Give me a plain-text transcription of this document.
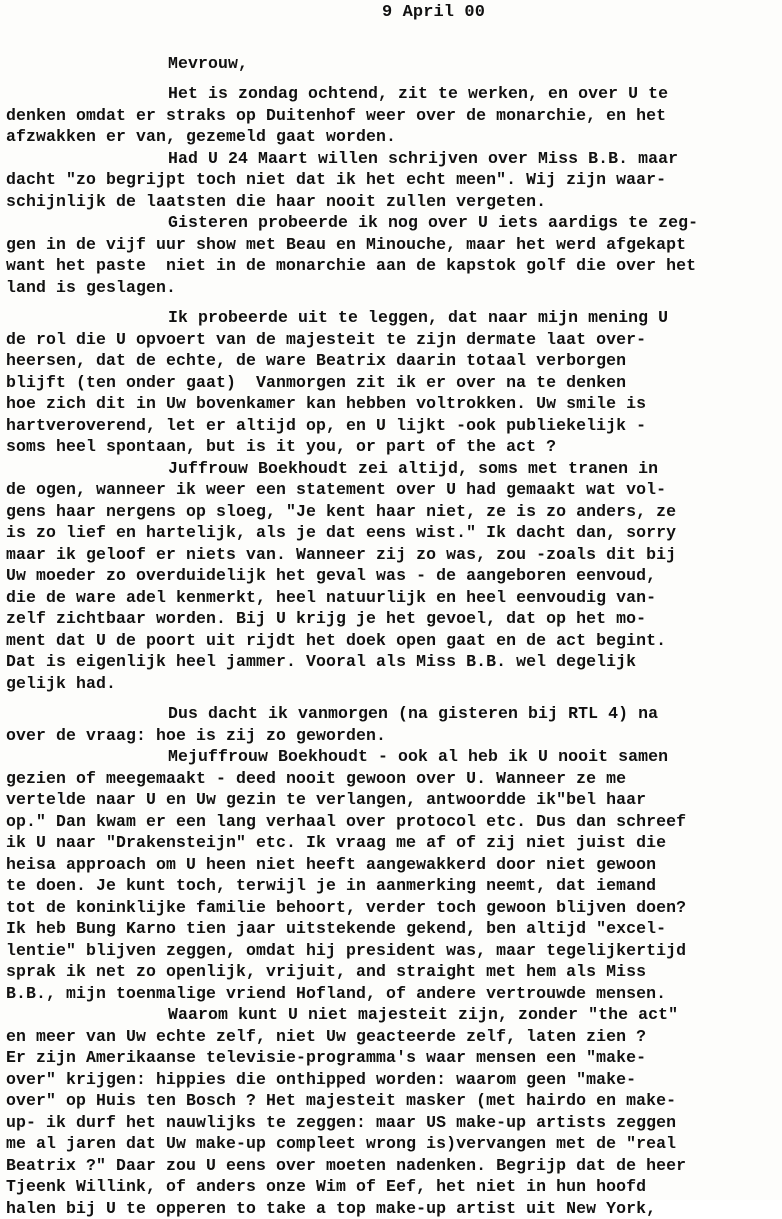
9 April 00
Mevrouw,
Het is zondag ochtend, zit te werken, en over U te
denken omdat er straks op Duitenhof weer over de monarchie, en het
afzwakken er van, gezemeld gaat worden.
Had U 24 Maart willen schrijven over Miss B.B. maar
dacht "zo begrijpt toch niet dat ik het echt meen". Wij zijn waar-
schijnlijk de laatsten die haar nooit zullen vergeten.
Gisteren probeerde ik nog over U iets aardigs te zeg-
gen in de vijf uur show met Beau en Minouche, maar het werd afgekapt
want het paste  niet in de monarchie aan de kapstok golf die over het
land is geslagen.
Ik probeerde uit te leggen, dat naar mijn mening U
de rol die U opvoert van de majesteit te zijn dermate laat over-
heersen, dat de echte, de ware Beatrix daarin totaal verborgen
blijft (ten onder gaat)  Vanmorgen zit ik er over na te denken
hoe zich dit in Uw bovenkamer kan hebben voltrokken. Uw smile is
hartveroverend, let er altijd op, en U lijkt -ook publiekelijk -
soms heel spontaan, but is it you, or part of the act ?
Juffrouw Boekhoudt zei altijd, soms met tranen in
de ogen, wanneer ik weer een statement over U had gemaakt wat vol-
gens haar nergens op sloeg, "Je kent haar niet, ze is zo anders, ze
is zo lief en hartelijk, als je dat eens wist." Ik dacht dan, sorry
maar ik geloof er niets van. Wanneer zij zo was, zou -zoals dit bij
Uw moeder zo overduidelijk het geval was - de aangeboren eenvoud,
die de ware adel kenmerkt, heel natuurlijk en heel eenvoudig van-
zelf zichtbaar worden. Bij U krijg je het gevoel, dat op het mo-
ment dat U de poort uit rijdt het doek open gaat en de act begint.
Dat is eigenlijk heel jammer. Vooral als Miss B.B. wel degelijk
gelijk had.
Dus dacht ik vanmorgen (na gisteren bij RTL 4) na
over de vraag: hoe is zij zo geworden.
Mejuffrouw Boekhoudt - ook al heb ik U nooit samen
gezien of meegemaakt - deed nooit gewoon over U. Wanneer ze me
vertelde naar U en Uw gezin te verlangen, antwoordde ik"bel haar
op." Dan kwam er een lang verhaal over protocol etc. Dus dan schreef
ik U naar "Drakensteijn" etc. Ik vraag me af of zij niet juist die
heisa approach om U heen niet heeft aangewakkerd door niet gewoon
te doen. Je kunt toch, terwijl je in aanmerking neemt, dat iemand
tot de koninklijke familie behoort, verder toch gewoon blijven doen?
Ik heb Bung Karno tien jaar uitstekende gekend, ben altijd "excel-
lentie" blijven zeggen, omdat hij president was, maar tegelijkertijd
sprak ik net zo openlijk, vrijuit, and straight met hem als Miss
B.B., mijn toenmalige vriend Hofland, of andere vertrouwde mensen.
Waarom kunt U niet majesteit zijn, zonder "the act"
en meer van Uw echte zelf, niet Uw geacteerde zelf, laten zien ?
Er zijn Amerikaanse televisie-programma's waar mensen een "make-
over" krijgen: hippies die onthipped worden: waarom geen "make-
over" op Huis ten Bosch ? Het majesteit masker (met hairdo en make-
up- ik durf het nauwlijks te zeggen: maar US make-up artists zeggen
me al jaren dat Uw make-up compleet wrong is)vervangen met de "real
Beatrix ?" Daar zou U eens over moeten nadenken. Begrijp dat de heer
Tjeenk Willink, of anders onze Wim of Eef, het niet in hun hoofd
halen bij U te opperen to take a top make-up artist uit New York,
